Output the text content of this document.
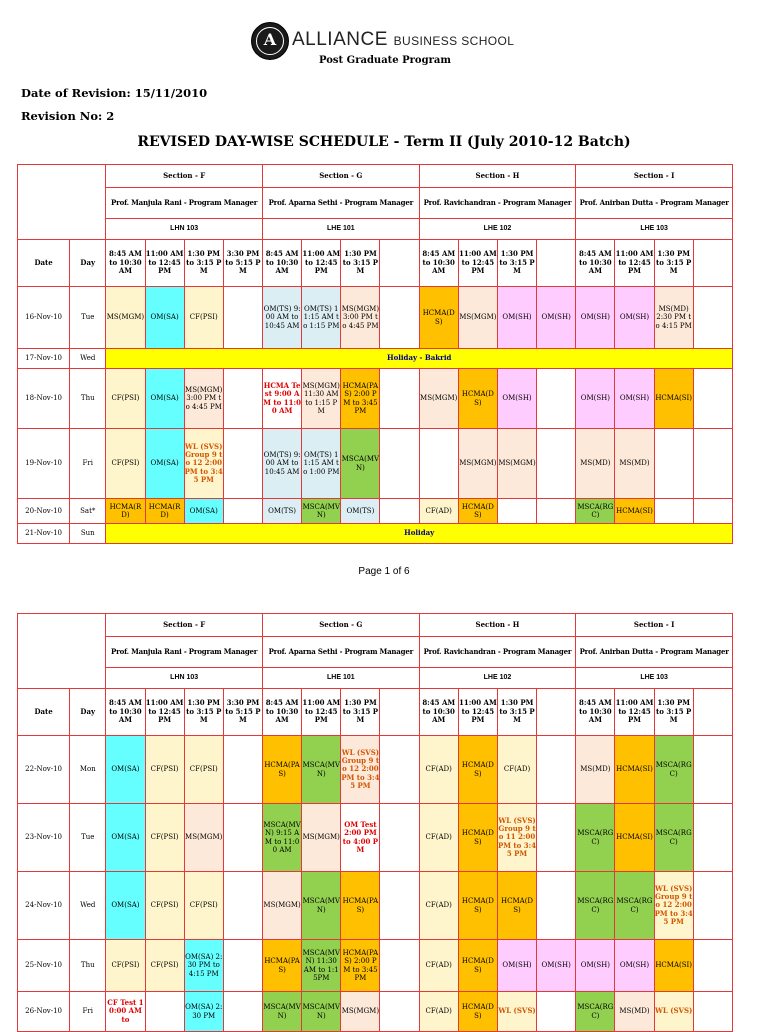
A ALLIANCE BUSINESS SCHOOL
Post Graduate Program
Date of Revision: 15/11/2010
Revision No: 2
REVISED DAY-WISE SCHEDULE - Term II (July 2010-12 Batch)
		Section - F				Section - G				Section - H				Section - I			
		Prof. Manjula Rani - Program Manager				Prof. Aparna Sethi - Program Manager				Prof. Ravichandran - Program Manager				Prof. Anirban Dutta - Program Manager			
		LHN 103				LHE 101				LHE 102				LHE 103			
Date	Day	8:45 AM to 10:30 AM	11:00 AM to 12:45 PM	1:30 PM to 3:15 PM	3:30 PM to 5:15 PM	8:45 AM to 10:30 AM	11:00 AM to 12:45 PM	1:30 PM to 3:15 PM		8:45 AM to 10:30 AM	11:00 AM to 12:45 PM	1:30 PM to 3:15 PM		8:45 AM to 10:30 AM	11:00 AM to 12:45 PM	1:30 PM to 3:15 PM	
16-Nov-10	Tue	MS(MGM)	OM(SA)	CF(PSI)		OM(TS) 9:00 AM to 10:45 AM	OM(TS) 11:15 AM to 1:15 PM	MS(MGM) 3:00 PM to 4:45 PM		HCMA(DS)	MS(MGM)	OM(SH)	OM(SH)	OM(SH)	OM(SH)	MS(MD) 2:30 PM to 4:15 PM	
17-Nov-10	Wed	Holiday - Bakrid															
18-Nov-10	Thu	CF(PSI)	OM(SA)	MS(MGM) 3:00 PM to 4:45 PM		HCMA Test 9:00 AM to 11:00 AM	MS(MGM) 11:30 AM to 1:15 PM	HCMA(PAS) 2:00 PM to 3:45 PM		MS(MGM)	HCMA(DS)	OM(SH)		OM(SH)	OM(SH)	HCMA(SI)	
19-Nov-10	Fri	CF(PSI)	OM(SA)	WL (SVS) Group 9 to 12 2:00 PM to 3:45 PM		OM(TS) 9:00 AM to 10:45 AM	OM(TS) 11:15 AM to 1:00 PM	MSCA(MVN)			MS(MGM)	MS(MGM)		MS(MD)	MS(MD)		
20-Nov-10	Sat*	HCMA(RD)	HCMA(RD)	OM(SA)		OM(TS)	MSCA(MVN)	OM(TS)		CF(AD)	HCMA(DS)			MSCA(RGC)	HCMA(SI)		
21-Nov-10	Sun	Holiday															
Page 1 of 6
		Section - F				Section - G				Section - H				Section - I			
		Prof. Manjula Rani - Program Manager				Prof. Aparna Sethi - Program Manager				Prof. Ravichandran - Program Manager				Prof. Anirban Dutta - Program Manager			
		LHN 103				LHE 101				LHE 102				LHE 103			
Date	Day	8:45 AM to 10:30 AM	11:00 AM to 12:45 PM	1:30 PM to 3:15 PM	3:30 PM to 5:15 PM	8:45 AM to 10:30 AM	11:00 AM to 12:45 PM	1:30 PM to 3:15 PM		8:45 AM to 10:30 AM	11:00 AM to 12:45 PM	1:30 PM to 3:15 PM		8:45 AM to 10:30 AM	11:00 AM to 12:45 PM	1:30 PM to 3:15 PM	
22-Nov-10	Mon	OM(SA)	CF(PSI)	CF(PSI)		HCMA(PAS)	MSCA(MVN)	WL (SVS) Group 9 to 12 2:00 PM to 3:45 PM		CF(AD)	HCMA(DS)	CF(AD)		MS(MD)	HCMA(SI)	MSCA(RGC)	
23-Nov-10	Tue	OM(SA)	CF(PSI)	MS(MGM)		MSCA(MVN) 9:15 AM to 11:00 AM	MS(MGM)	OM Test 2:00 PM to 4:00 PM		CF(AD)	HCMA(DS)	WL (SVS) Group 9 to 11 2:00 PM to 3:45 PM		MSCA(RGC)	HCMA(SI)	MSCA(RGC)	
24-Nov-10	Wed	OM(SA)	CF(PSI)	CF(PSI)		MS(MGM)	MSCA(MVN)	HCMA(PAS)		CF(AD)	HCMA(DS)	HCMA(DS)		MSCA(RGC)	MSCA(RGC)	WL (SVS) Group 9 to 12 2:00 PM to 3:45 PM	
25-Nov-10	Thu	CF(PSI)	CF(PSI)	OM(SA) 2:30 PM to 4:15 PM		HCMA(PAS)	MSCA(MVN) 11:30 AM to 1:15PM	HCMA(PAS) 2:00 PM to 3:45 PM		CF(AD)	HCMA(DS)	OM(SH)	OM(SH)	OM(SH)	OM(SH)	HCMA(SI)	
26-Nov-10	Fri	CF Test 10:00 AM to		OM(SA) 2:30 PM		MSCA(MVN)	MSCA(MVN)	MS(MGM)		CF(AD)	HCMA(DS)	WL (SVS)		MSCA(RGC)	MS(MD)	WL (SVS)	
